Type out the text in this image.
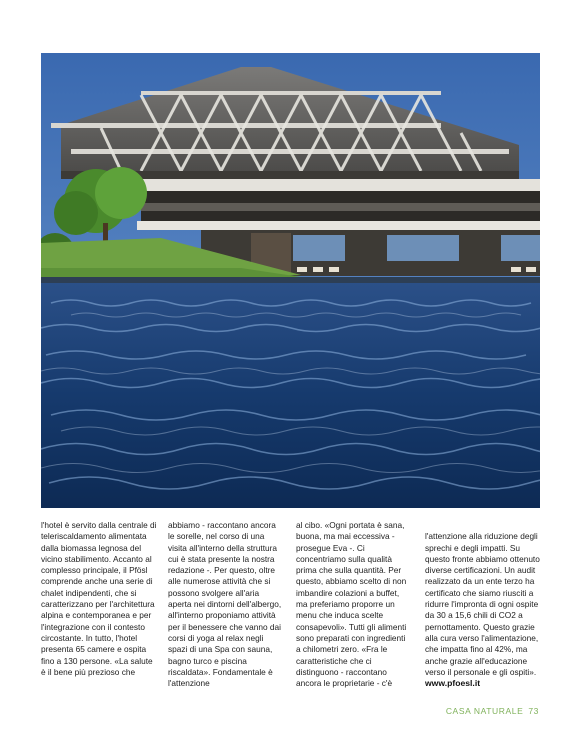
l'hotel è servito dalla centrale di teleriscaldamento alimentata dalla biomassa legnosa del vicino stabilimento. Accanto al complesso principale, il Pfösl comprende anche una serie di chalet indipendenti, che si caratterizzano per l'architettura alpina e contemporanea e per l'integrazione con il contesto circostante. In tutto, l'hotel presenta 65 camere e ospita fino a 130 persone. «La salute è il bene più prezioso che
abbiamo - raccontano ancora le sorelle, nel corso di una visita all'interno della struttura cui è stata presente la nostra redazione -. Per questo, oltre alle numerose attività che si possono svolgere all'aria aperta nei dintorni dell'albergo, all'interno proponiamo attività per il benessere che vanno dai corsi di yoga al relax negli spazi di una Spa con sauna, bagno turco e piscina riscaldata». Fondamentale è l'attenzione
al cibo. «Ogni portata è sana, buona, ma mai eccessiva - prosegue Eva -. Ci concentriamo sulla qualità prima che sulla quantità. Per questo, abbiamo scelto di non imbandire colazioni a buffet, ma preferiamo proporre un menu che induca scelte consapevoli». Tutti gli alimenti sono preparati con ingredienti a chilometri zero. «Fra le caratteristiche che ci distinguono - raccontano ancora le proprietarie - c'è

l'attenzione alla riduzione degli sprechi e degli impatti. Su questo fronte abbiamo ottenuto diverse certificazioni. Un audit realizzato da un ente terzo ha certificato che siamo riusciti a ridurre l'impronta di ogni ospite da 30 a 15,6 chili di CO2 a pernottamento. Questo grazie alla cura verso l'alimentazione, che impatta fino al 42%, ma anche grazie all'educazione verso il personale e gli ospiti».

www.pfoesl.it

CASA NATURALE 73
